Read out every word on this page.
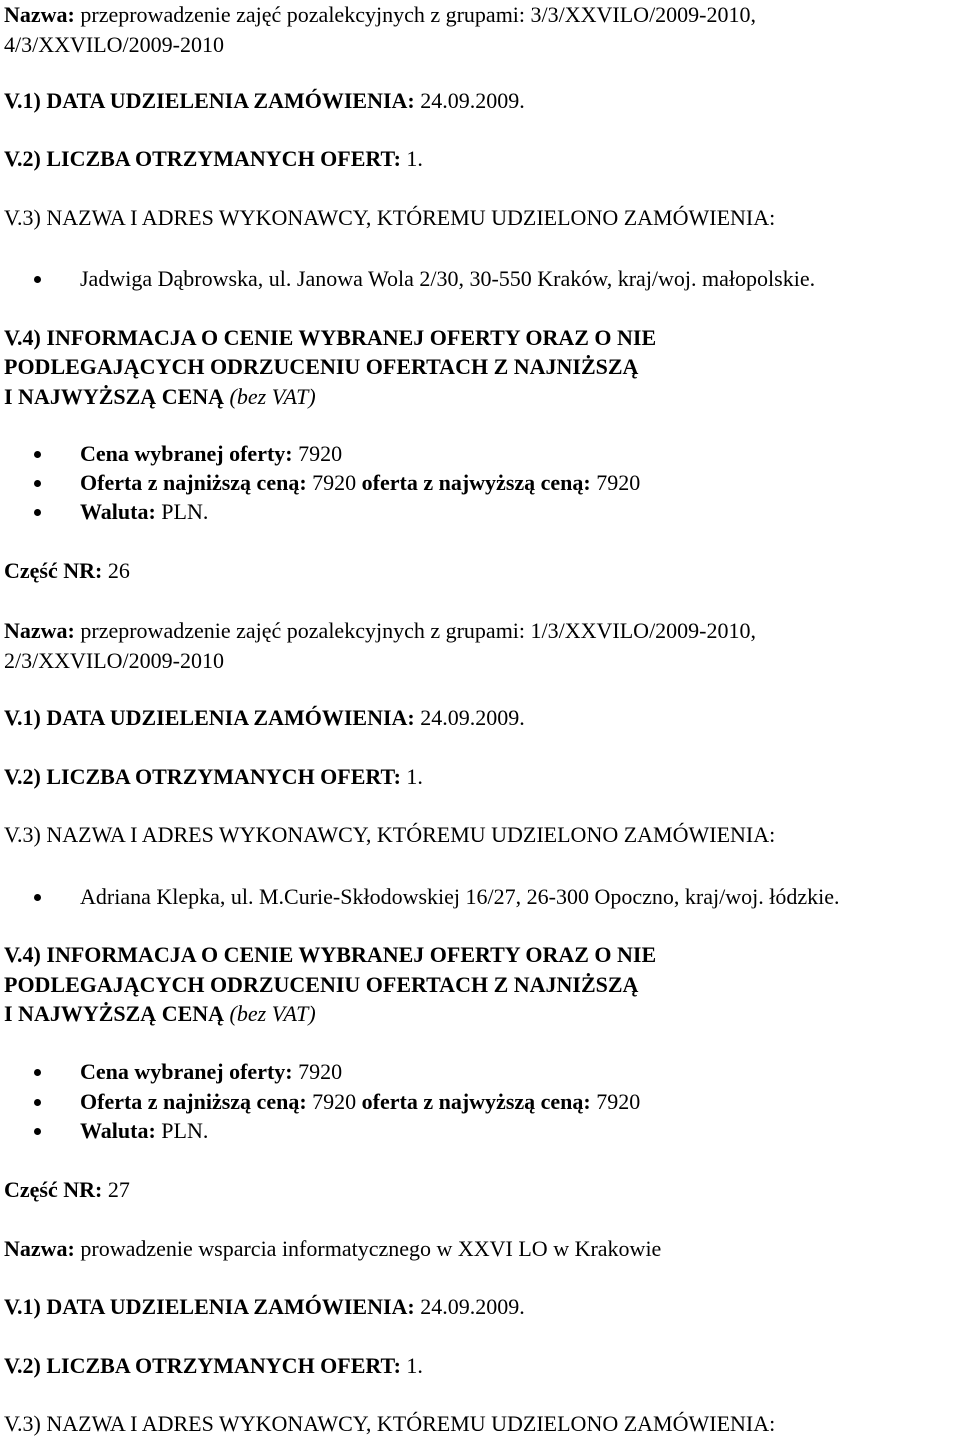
Nazwa: przeprowadzenie zajęć pozalekcyjnych z grupami: 3/3/XXVILO/2009-2010,
4/3/XXVILO/2009-2010
V.1) DATA UDZIELENIA ZAMÓWIENIA: 24.09.2009.
V.2) LICZBA OTRZYMANYCH OFERT: 1.
V.3) NAZWA I ADRES WYKONAWCY, KTÓREMU UDZIELONO ZAMÓWIENIA:
Jadwiga Dąbrowska, ul. Janowa Wola 2/30, 30-550 Kraków, kraj/woj. małopolskie.
V.4) INFORMACJA O CENIE WYBRANEJ OFERTY ORAZ O NIE
PODLEGAJĄCYCH ODRZUCENIU OFERTACH Z NAJNIŻSZĄ
I NAJWYŻSZĄ CENĄ (bez VAT)
Cena wybranej oferty: 7920
Oferta z najniższą ceną: 7920 oferta z najwyższą ceną: 7920
Waluta: PLN.
Część NR: 26
Nazwa: przeprowadzenie zajęć pozalekcyjnych z grupami: 1/3/XXVILO/2009-2010,
2/3/XXVILO/2009-2010
V.1) DATA UDZIELENIA ZAMÓWIENIA: 24.09.2009.
V.2) LICZBA OTRZYMANYCH OFERT: 1.
V.3) NAZWA I ADRES WYKONAWCY, KTÓREMU UDZIELONO ZAMÓWIENIA:
Adriana Klepka, ul. M.Curie-Skłodowskiej 16/27, 26-300 Opoczno, kraj/woj. łódzkie.
V.4) INFORMACJA O CENIE WYBRANEJ OFERTY ORAZ O NIE
PODLEGAJĄCYCH ODRZUCENIU OFERTACH Z NAJNIŻSZĄ
I NAJWYŻSZĄ CENĄ (bez VAT)
Cena wybranej oferty: 7920
Oferta z najniższą ceną: 7920 oferta z najwyższą ceną: 7920
Waluta: PLN.
Część NR: 27
Nazwa: prowadzenie wsparcia informatycznego w XXVI LO w Krakowie
V.1) DATA UDZIELENIA ZAMÓWIENIA: 24.09.2009.
V.2) LICZBA OTRZYMANYCH OFERT: 1.
V.3) NAZWA I ADRES WYKONAWCY, KTÓREMU UDZIELONO ZAMÓWIENIA:
